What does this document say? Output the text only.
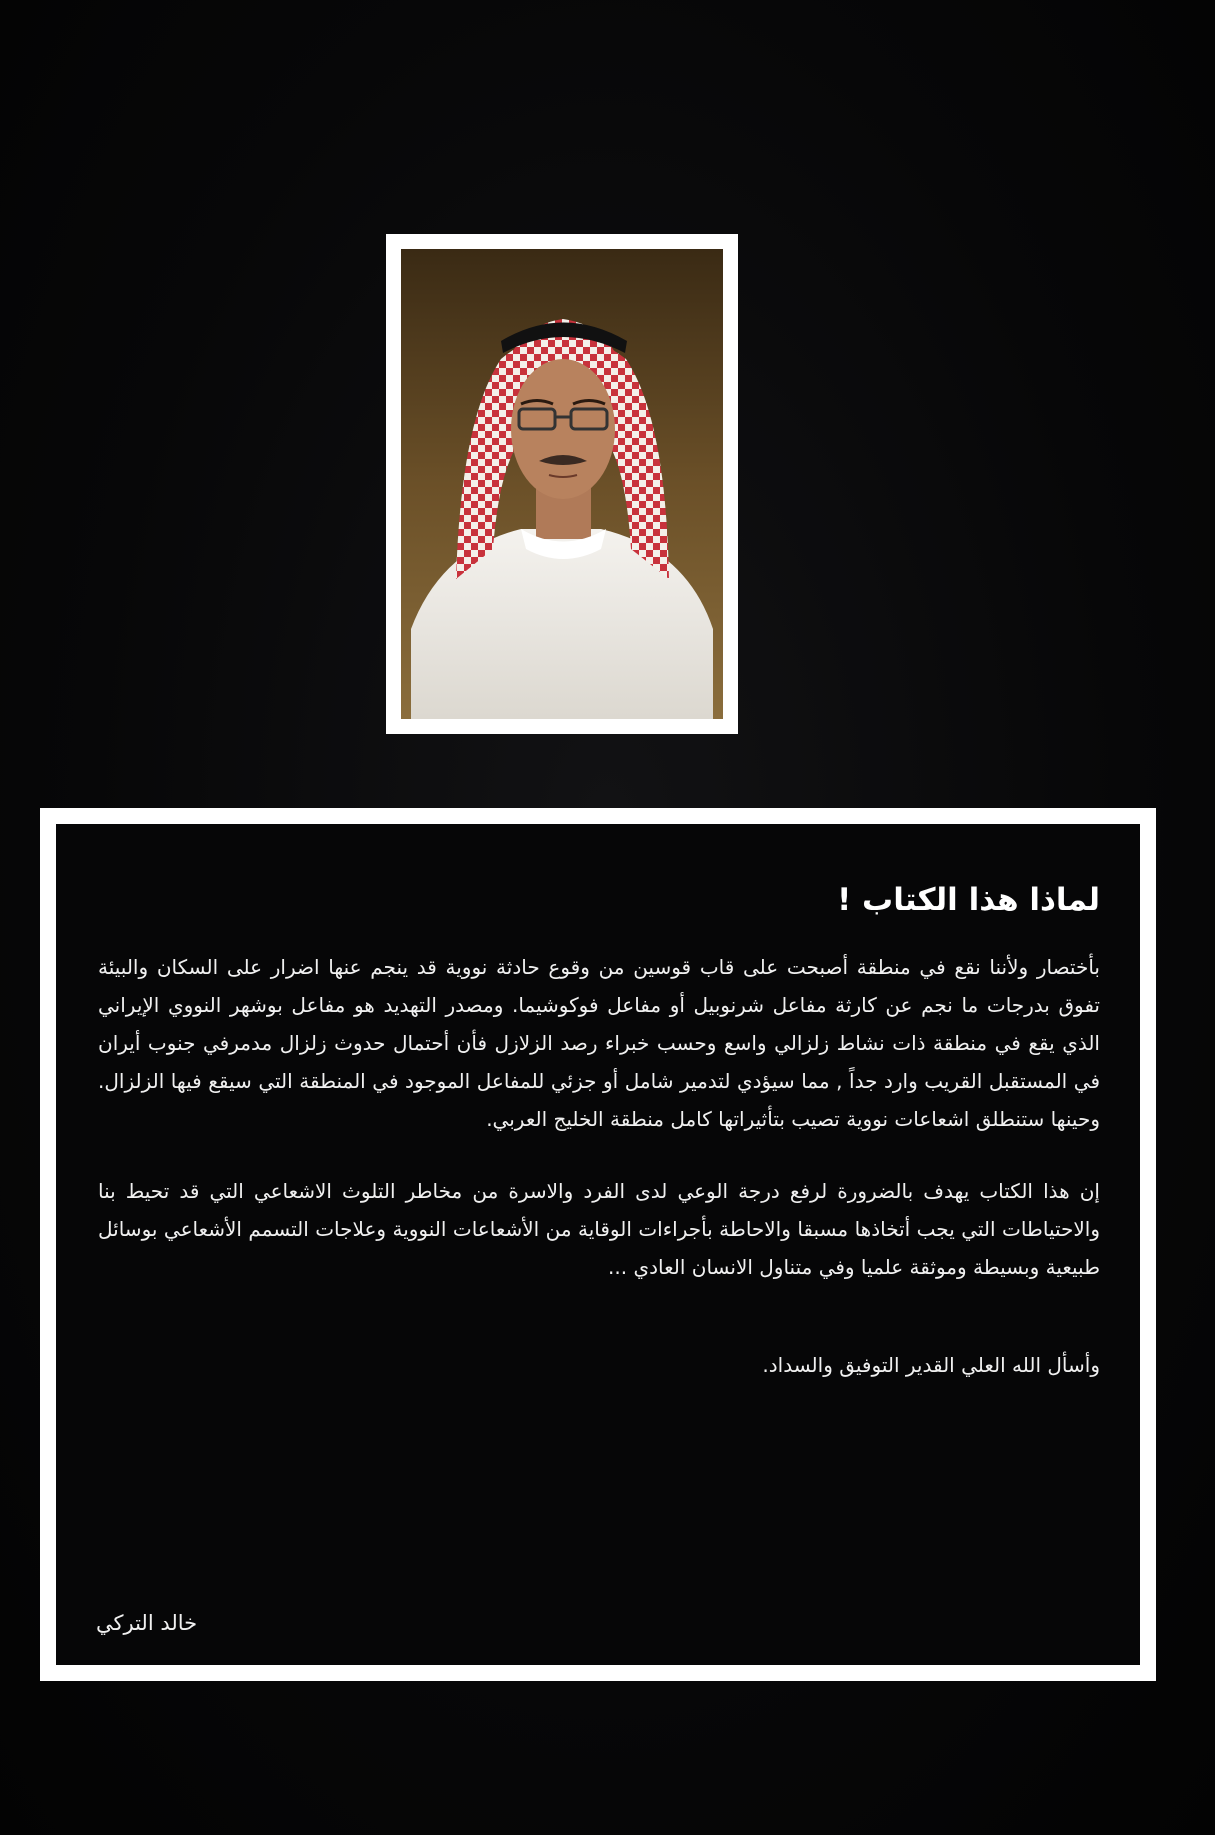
لماذا هذا الكتاب !

بأختصار ولأننا نقع في منطقة أصبحت على قاب قوسين من وقوع حادثة نووية قد ينجم عنها اضرار على السكان والبيئة تفوق بدرجات ما نجم عن كارثة مفاعل شرنوبيل أو مفاعل فوكوشيما. ومصدر التهديد هو مفاعل بوشهر النووي الإيراني الذي يقع في منطقة ذات نشاط زلزالي واسع وحسب خبراء رصد الزلازل فأن أحتمال حدوث زلزال مدمرفي جنوب أيران في المستقبل القريب وارد جداً , مما سيؤدي لتدمير شامل أو جزئي للمفاعل الموجود في المنطقة التي سيقع فيها الزلزال. وحينها ستنطلق اشعاعات نووية تصيب بتأثيراتها كامل منطقة الخليج العربي.

إن هذا الكتاب يهدف بالضرورة لرفع درجة الوعي لدى الفرد والاسرة من مخاطر التلوث الاشعاعي التي قد تحيط بنا والاحتياطات التي يجب أتخاذها مسبقا والاحاطة بأجراءات الوقاية من الأشعاعات النووية وعلاجات التسمم الأشعاعي بوسائل طبيعية وبسيطة وموثقة علميا وفي متناول الانسان العادي ...

وأسأل الله العلي القدير التوفيق والسداد.

خالد التركي
